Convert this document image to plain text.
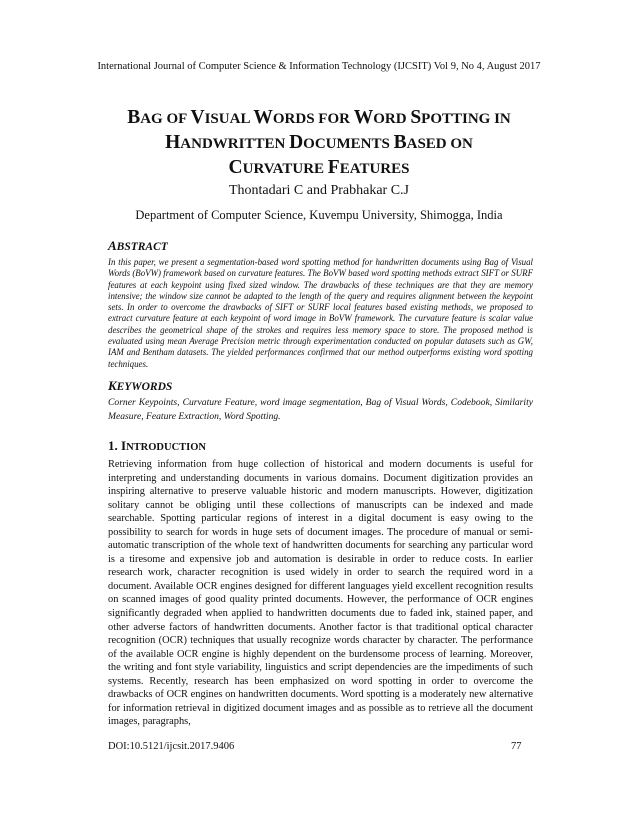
International Journal of Computer Science & Information Technology (IJCSIT) Vol 9, No 4, August 2017
BAG OF VISUAL WORDS FOR WORD SPOTTING IN
HANDWRITTEN DOCUMENTS BASED ON
CURVATURE FEATURES
Thontadari C and Prabhakar C.J
Department of Computer Science, Kuvempu University, Shimogga, India
ABSTRACT
In this paper, we present a segmentation-based word spotting method for handwritten documents using Bag of Visual Words (BoVW) framework based on curvature features. The BoVW based word spotting methods extract SIFT or SURF features at each keypoint using fixed sized window. The drawbacks of these techniques are that they are memory intensive; the window size cannot be adapted to the length of the query and requires alignment between the keypoint sets. In order to overcome the drawbacks of SIFT or SURF local features based existing methods, we proposed to extract curvature feature at each keypoint of word image in BoVW framework. The curvature feature is scalar value describes the geometrical shape of the strokes and requires less memory space to store. The proposed method is evaluated using mean Average Precision metric through experimentation conducted on popular datasets such as GW, IAM and Bentham datasets. The yielded performances confirmed that our method outperforms existing word spotting techniques.
KEYWORDS
Corner Keypoints, Curvature Feature, word image segmentation, Bag of Visual Words, Codebook, Similarity Measure, Feature Extraction, Word Spotting.
1. INTRODUCTION
Retrieving information from huge collection of historical and modern documents is useful for interpreting and understanding documents in various domains. Document digitization provides an inspiring alternative to preserve valuable historic and modern manuscripts. However, digitization solitary cannot be obliging until these collections of manuscripts can be indexed and made searchable. Spotting particular regions of interest in a digital document is easy owing to the possibility to search for words in huge sets of document images. The procedure of manual or semi-automatic transcription of the whole text of handwritten documents for searching any particular word is a tiresome and expensive job and automation is desirable in order to reduce costs. In earlier research work, character recognition is used widely in order to search the required word in a document. Available OCR engines designed for different languages yield excellent recognition results on scanned images of good quality printed documents. However, the performance of OCR engines significantly degraded when applied to handwritten documents due to faded ink, stained paper, and other adverse factors of handwritten documents. Another factor is that traditional optical character recognition (OCR) techniques that usually recognize words character by character. The performance of the available OCR engine is highly dependent on the burdensome process of learning. Moreover, the writing and font style variability, linguistics and script dependencies are the impediments of such systems. Recently, research has been emphasized on word spotting in order to overcome the drawbacks of OCR engines on handwritten documents. Word spotting is a moderately new alternative for information retrieval in digitized document images and as possible as to retrieve all the document images, paragraphs,
DOI:10.5121/ijcsit.2017.9406	77
